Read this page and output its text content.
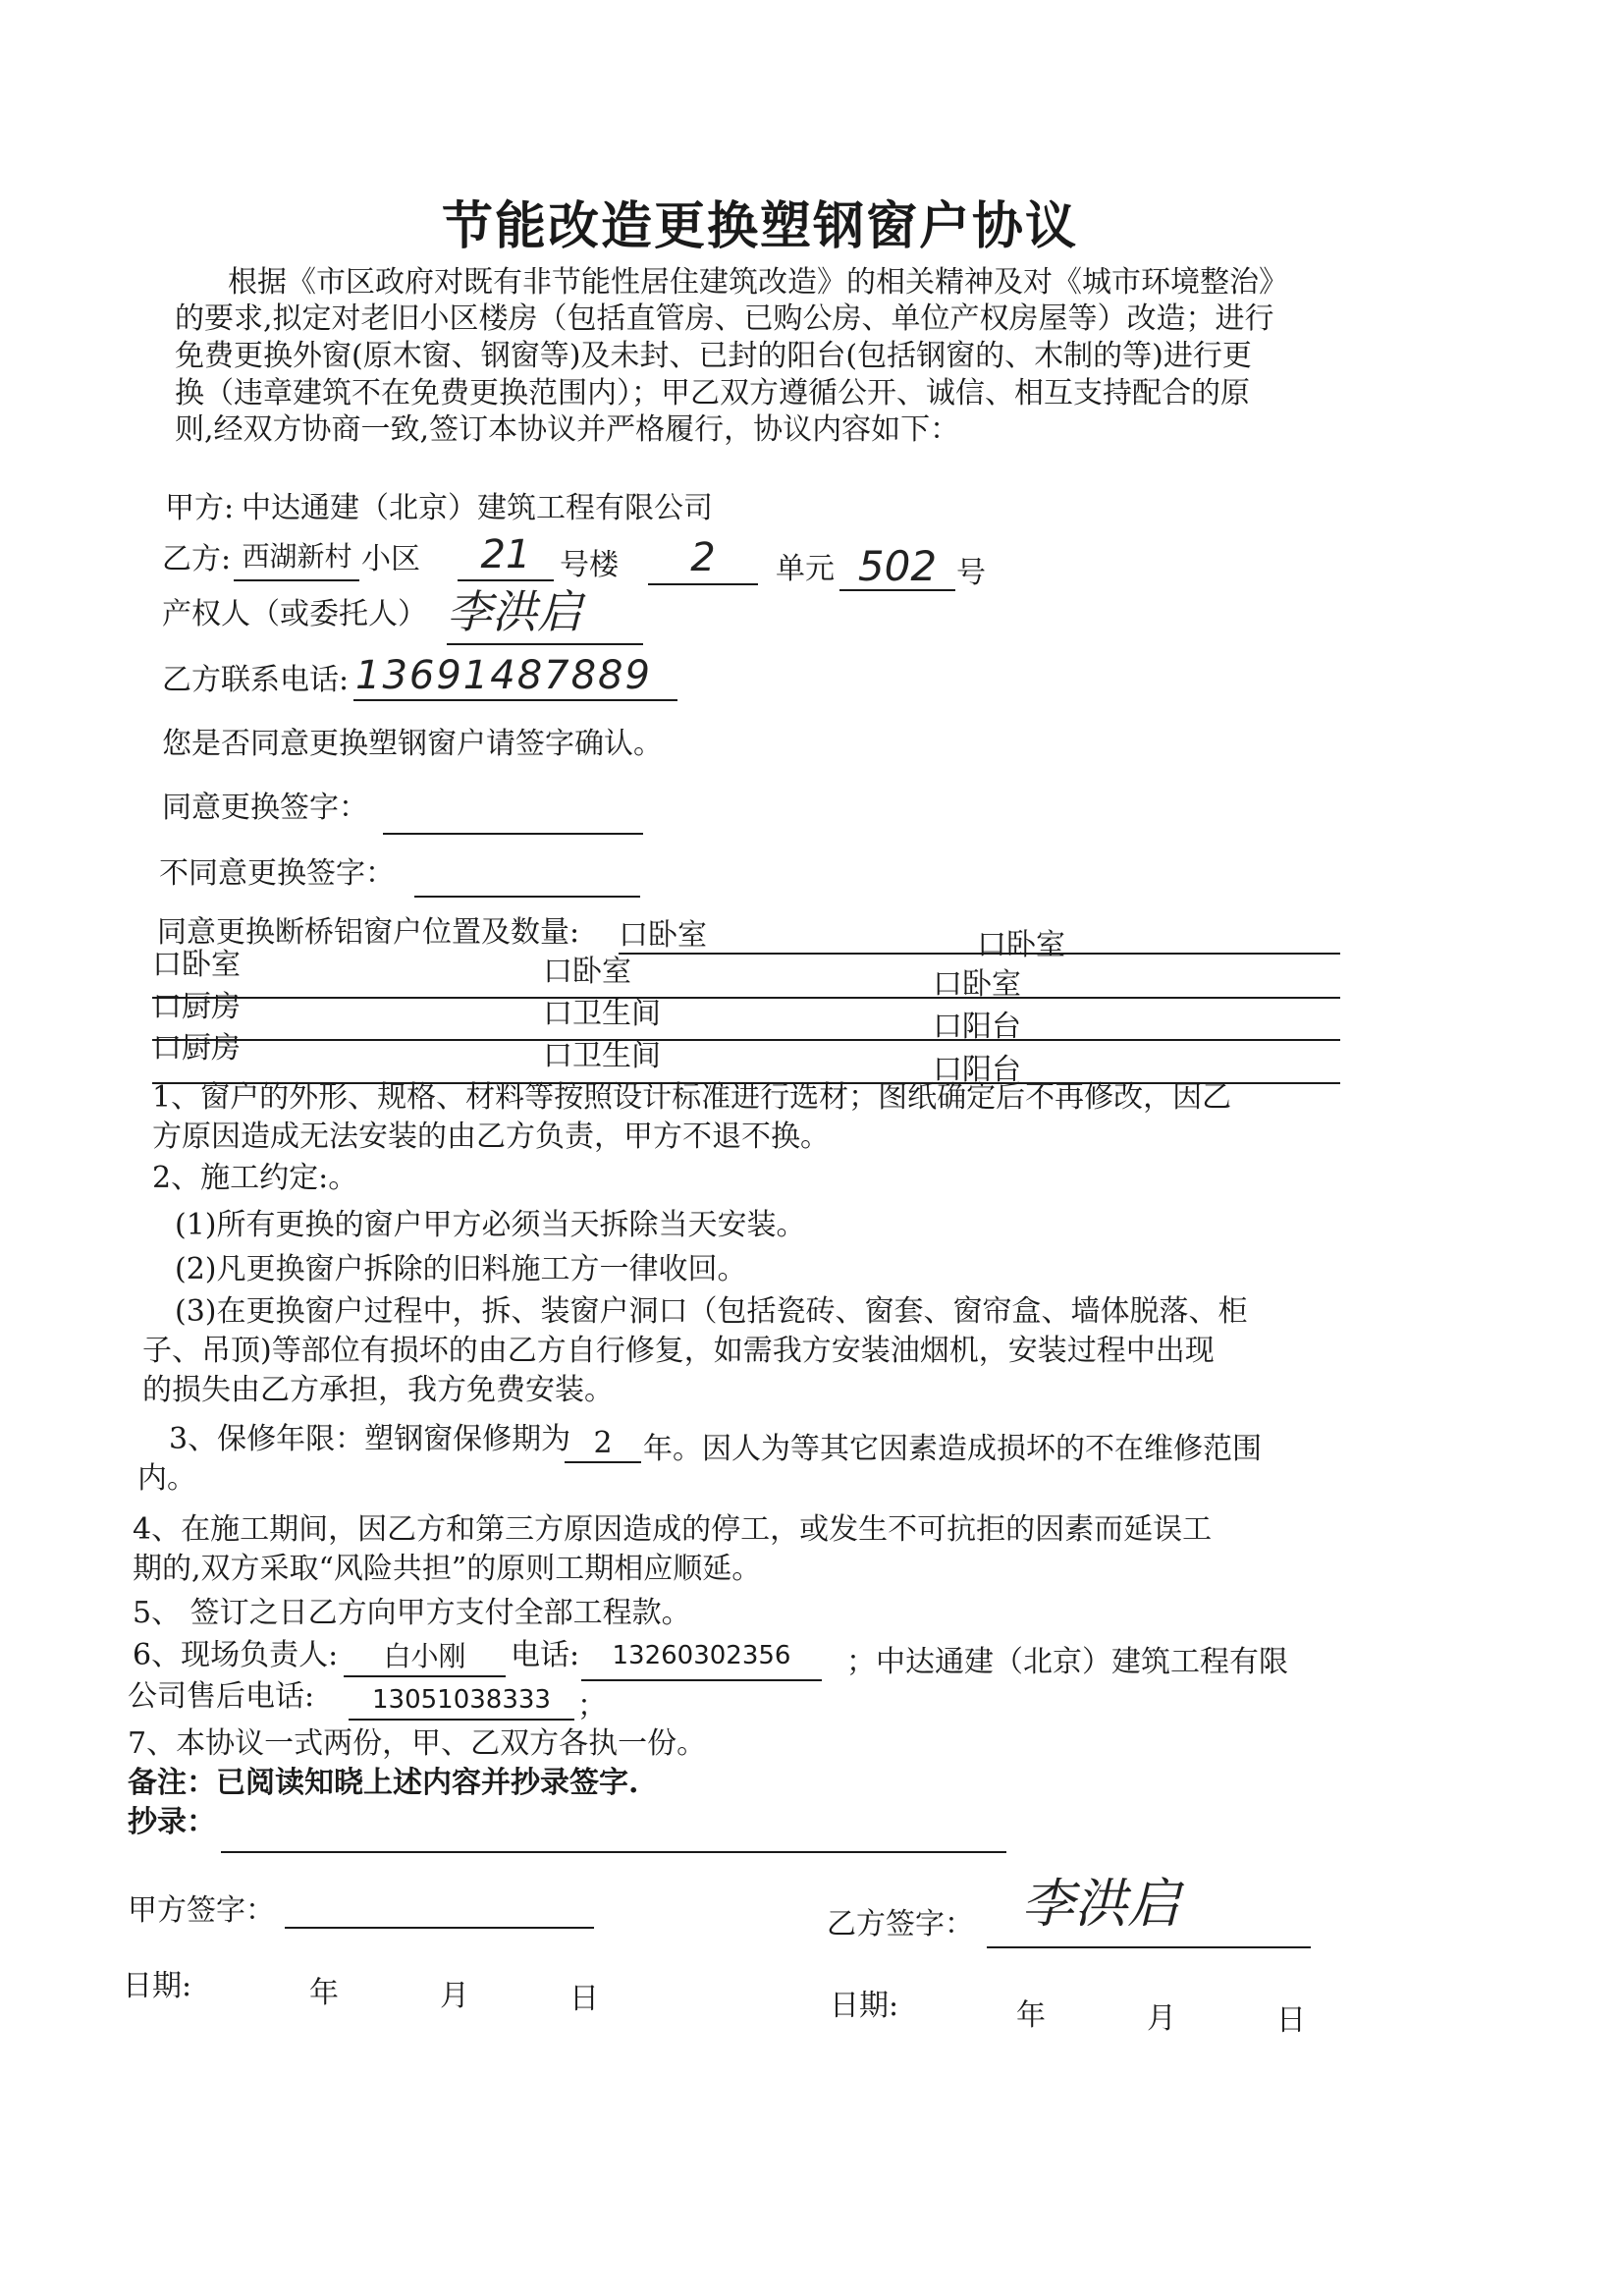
节能改造更换塑钢窗户协议
根据《市区政府对既有非节能性居住建筑改造》的相关精神及对《城市环境整治》
的要求,拟定对老旧小区楼房（包括直管房、已购公房、单位产权房屋等）改造；进行
免费更换外窗(原木窗、钢窗等)及未封、已封的阳台(包括钢窗的、木制的等)进行更
换（违章建筑不在免费更换范围内）；甲乙双方遵循公开、诚信、相互支持配合的原
则,经双方协商一致,签订本协议并严格履行，协议内容如下：
甲方: 中达通建（北京）建筑工程有限公司
乙方: 西湖新村 小区	21 号楼	2	单元 502 号
产权人（或委托人） 李洪启
乙方联系电话: 13691487889
您是否同意更换塑钢窗户请签字确认。
同意更换签字：
不同意更换签字：
同意更换断桥铝窗户位置及数量: 口卧室	口卧室
口卧室	口卧室	口卧室
口厨房	口卫生间	口阳台
口厨房	口卫生间	口阳台
1、窗户的外形、规格、材料等按照设计标准进行选材；图纸确定后不再修改，因乙
方原因造成无法安装的由乙方负责，甲方不退不换。
2、施工约定:。
(1)所有更换的窗户甲方必须当天拆除当天安装。
(2)凡更换窗户拆除的旧料施工方一律收回。
(3)在更换窗户过程中，拆、装窗户洞口（包括瓷砖、窗套、窗帘盒、墙体脱落、柜
子、吊顶)等部位有损坏的由乙方自行修复，如需我方安装油烟机，安装过程中出现
的损失由乙方承担，我方免费安装。
3、保修年限：塑钢窗保修期为 2	年。因人为等其它因素造成损坏的不在维修范围
内。
4、在施工期间，因乙方和第三方原因造成的停工，或发生不可抗拒的因素而延误工
期的,双方采取“风险共担”的原则工期相应顺延。
5、 签订之日乙方向甲方支付全部工程款。
6、现场负责人:	白小刚	电话:	13260302356	；中达通建（北京）建筑工程有限
公司售后电话:	13051038333 ；
7、本协议一式两份，甲、乙双方各执一份。
备注：已阅读知晓上述内容并抄录签字.
抄录：
甲方签字：	乙方签字： 李洪启
日期:	年	月	日	日期:	年	月	日
